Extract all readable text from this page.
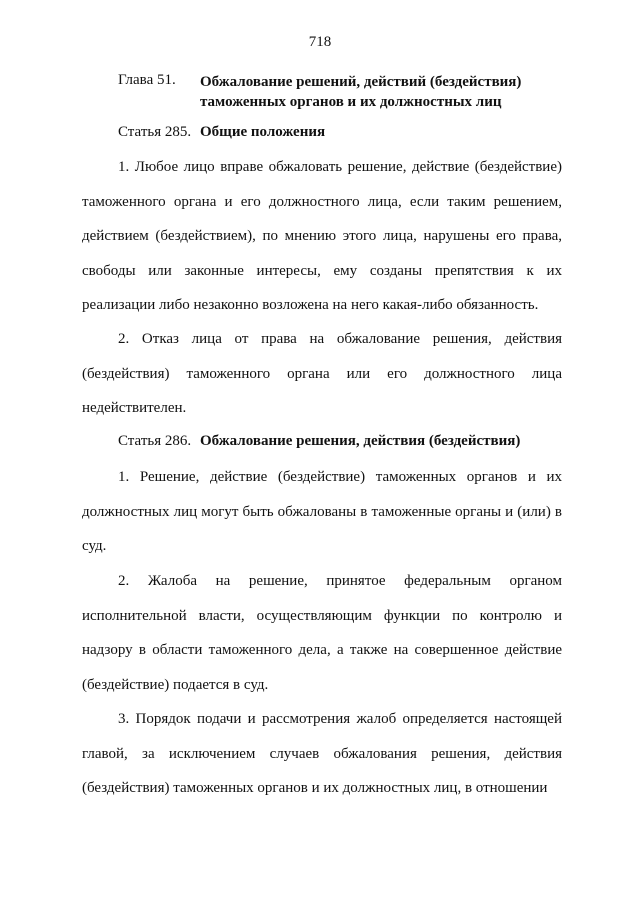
718
Глава 51. Обжалование решений, действий (бездействия) таможенных органов и их должностных лиц
Статья 285. Общие положения

1. Любое лицо вправе обжаловать решение, действие (бездействие) таможенного органа и его должностного лица, если таким решением, действием (бездействием), по мнению этого лица, нарушены его права, свободы или законные интересы, ему созданы препятствия к их реализации либо незаконно возложена на него какая-либо обязанность.

2. Отказ лица от права на обжалование решения, действия (бездействия) таможенного органа или его должностного лица недействителен.

Статья 286. Обжалование решения, действия (бездействия)

1. Решение, действие (бездействие) таможенных органов и их должностных лиц могут быть обжалованы в таможенные органы и (или) в суд.

2. Жалоба на решение, принятое федеральным органом исполнительной власти, осуществляющим функции по контролю и надзору в области таможенного дела, а также на совершенное действие (бездействие) подается в суд.

3. Порядок подачи и рассмотрения жалоб определяется настоящей главой, за исключением случаев обжалования решения, действия (бездействия) таможенных органов и их должностных лиц, в отношении
